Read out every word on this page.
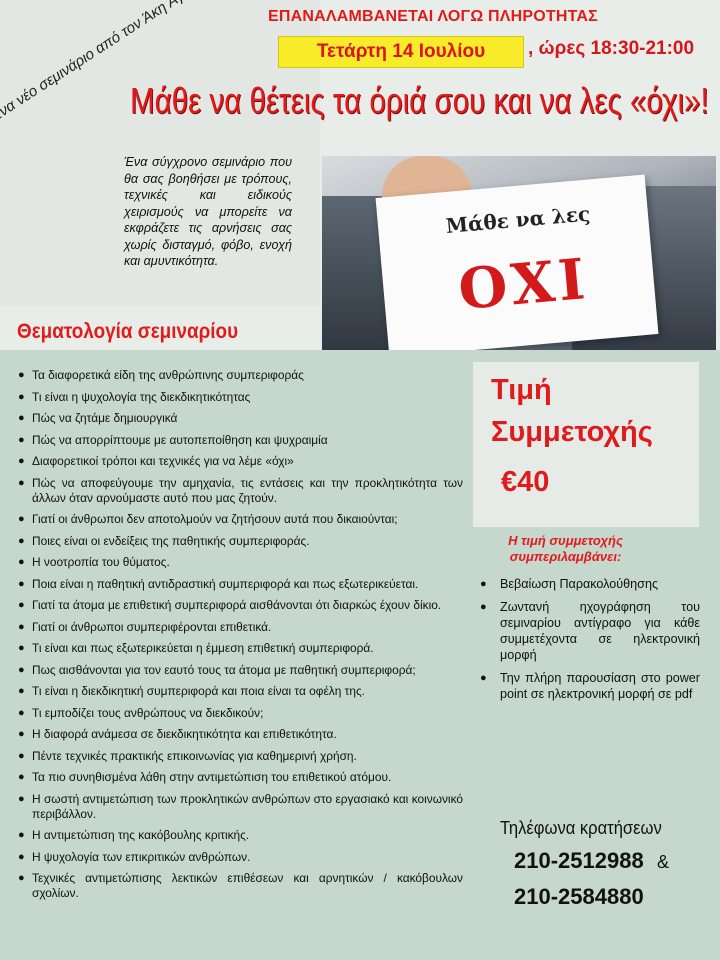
ΕΠΑΝΑΛΑΜΒΑΝΕΤΑΙ ΛΟΓΩ ΠΛΗΡΟΤΗΤΑΣ
Τετάρτη 14 Ιουλίου	, ώρες 18:30-21:00
Μάθε να θέτεις τα όριά σου και να λες «όχι»!
Ένα σύγχρονο σεμινάριο που θα σας βοηθήσει με τρόπους, τεχνικές και ειδικούς χειρισμούς να μπορείτε να εκφράζετε τις αρνήσεις σας χωρίς δισταγμό, φόβο, ενοχή και αμυντικότητα.
Μάθε να λες
ΟΧΙ
Θεματολογία σεμιναρίου
● Τα διαφορετικά είδη της ανθρώπινης συμπεριφοράς
● Τι είναι η ψυχολογία της διεκδικητικότητας
● Πώς να ζητάμε δημιουργικά
● Πώς να απορρίπτουμε με αυτοπεποίθηση και ψυχραιμία
● Διαφορετικοί τρόποι και τεχνικές για να λέμε «όχι»
● Πώς να αποφεύγουμε την αμηχανία, τις εντάσεις και την προκλητικότητα των άλλων όταν αρνούμαστε αυτό που μας ζητούν.
● Γιατί οι άνθρωποι δεν αποτολμούν να ζητήσουν αυτά που δικαιούνται;
● Ποιες είναι οι ενδείξεις της παθητικής συμπεριφοράς.
● Η νοοτροπία του θύματος.
● Ποια είναι η παθητική αντιδραστική συμπεριφορά και πως εξωτερικεύεται.
● Γιατί τα άτομα με επιθετική συμπεριφορά αισθάνονται ότι διαρκώς έχουν δίκιο.
● Γιατί οι άνθρωποι συμπεριφέρονται επιθετικά.
● Τι είναι και πως εξωτερικεύεται η έμμεση επιθετική συμπεριφορά.
● Πως αισθάνονται για τον εαυτό τους τα άτομα με παθητική συμπεριφορά;
● Τι είναι η διεκδικητική συμπεριφορά και ποια είναι τα οφέλη της.
● Τι εμποδίζει τους ανθρώπους να διεκδικούν;
● Η διαφορά ανάμεσα σε διεκδικητικότητα και επιθετικότητα.
● Πέντε τεχνικές πρακτικής επικοινωνίας για καθημερινή χρήση.
● Τα πιο συνηθισμένα λάθη στην αντιμετώπιση του επιθετικού ατόμου.
● Η σωστή αντιμετώπιση των προκλητικών ανθρώπων στο εργασιακό και κοινωνικό περιβάλλον.
● Η αντιμετώπιση της κακόβουλης κριτικής.
● Η ψυχολογία των επικριτικών ανθρώπων.
● Τεχνικές αντιμετώπισης λεκτικών επιθέσεων και αρνητικών / κακόβουλων σχολίων.
Τιμή
Συμμετοχής
€40
Η τιμή συμμετοχής συμπεριλαμβάνει:
● Βεβαίωση Παρακολούθησης
● Ζωντανή ηχογράφηση του σεμιναρίου αντίγραφο για κάθε συμμετέχοντα σε ηλεκτρονική μορφή
● Την πλήρη παρουσίαση στο power point σε ηλεκτρονική μορφή σε pdf
Τηλέφωνα κρατήσεων
210-2512988 &
210-2584880
